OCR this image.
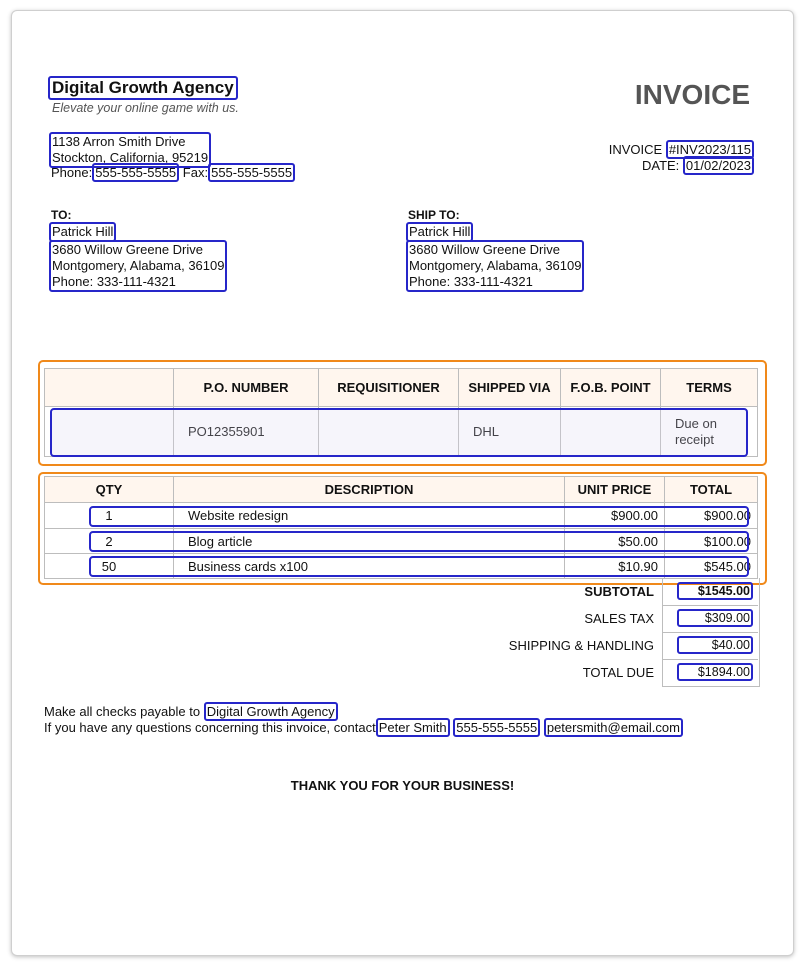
Digital Growth Agency
Elevate your online game with us.	INVOICE
1138 Arron Smith Drive
Stockton, California, 95219
Phone: 555-555-5555 Fax: 555-555-5555
INVOICE #INV2023/115
DATE: 01/02/2023
TO:
Patrick Hill
3680 Willow Greene Drive
Montgomery, Alabama, 36109
Phone: 333-111-4321
SHIP TO:
Patrick Hill
3680 Willow Greene Drive
Montgomery, Alabama, 36109
Phone: 333-111-4321
	P.O. NUMBER	REQUISITIONER	SHIPPED VIA	F.O.B. POINT	TERMS
	PO12355901		DHL		Due on receipt
QTY	DESCRIPTION	UNIT PRICE	TOTAL
1	Website redesign	$900.00	$900.00
2	Blog article	$50.00	$100.00
50	Business cards x100	$10.90	$545.00
SUBTOTAL	$1545.00
SALES TAX	$309.00
SHIPPING & HANDLING	$40.00
TOTAL DUE	$1894.00
Make all checks payable to Digital Growth Agency
If you have any questions concerning this invoice, contact Peter Smith 555-555-5555 petersmith@email.com
THANK YOU FOR YOUR BUSINESS!
